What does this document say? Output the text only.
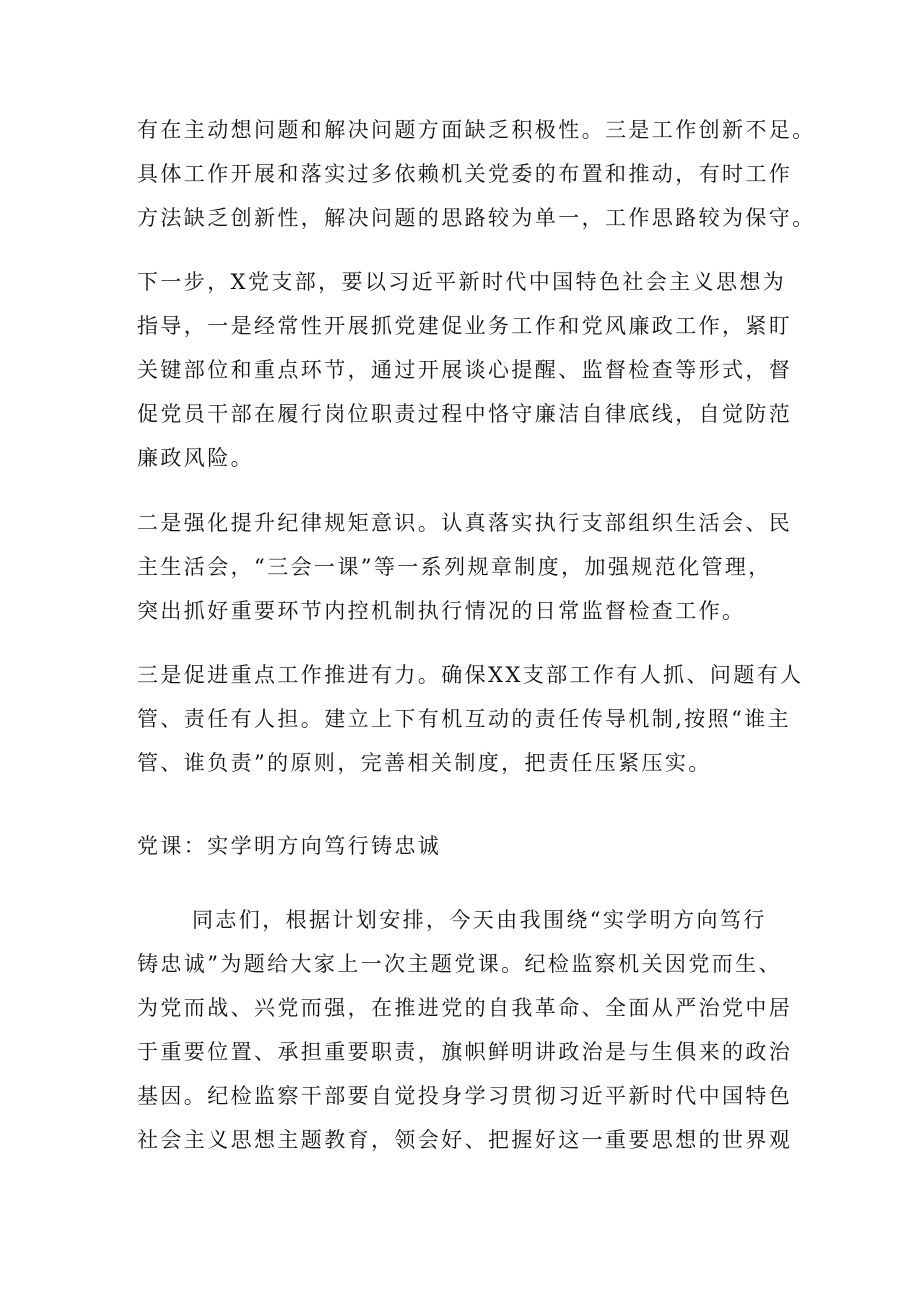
有在主动想问题和解决问题方面缺乏积极性。三是工作创新不足。
具体工作开展和落实过多依赖机关党委的布置和推动，有时工作
方法缺乏创新性，解决问题的思路较为单一，工作思路较为保守。
下一步，X党支部，要以习近平新时代中国特色社会主义思想为
指导，一是经常性开展抓党建促业务工作和党风廉政工作，紧盯
关键部位和重点环节，通过开展谈心提醒、监督检查等形式，督
促党员干部在履行岗位职责过程中恪守廉洁自律底线，自觉防范
廉政风险。
二是强化提升纪律规矩意识。认真落实执行支部组织生活会、民
主生活会，“三会一课”等一系列规章制度，加强规范化管理，
突出抓好重要环节内控机制执行情况的日常监督检查工作。
三是促进重点工作推进有力。确保XX支部工作有人抓、问题有人
管、责任有人担。建立上下有机互动的责任传导机制,按照“谁主
管、谁负责”的原则，完善相关制度，把责任压紧压实。
党课：实学明方向笃行铸忠诚
同志们，根据计划安排，今天由我围绕“实学明方向笃行
铸忠诚”为题给大家上一次主题党课。纪检监察机关因党而生、
为党而战、兴党而强，在推进党的自我革命、全面从严治党中居
于重要位置、承担重要职责，旗帜鲜明讲政治是与生俱来的政治
基因。纪检监察干部要自觉投身学习贯彻习近平新时代中国特色
社会主义思想主题教育，领会好、把握好这一重要思想的世界观
